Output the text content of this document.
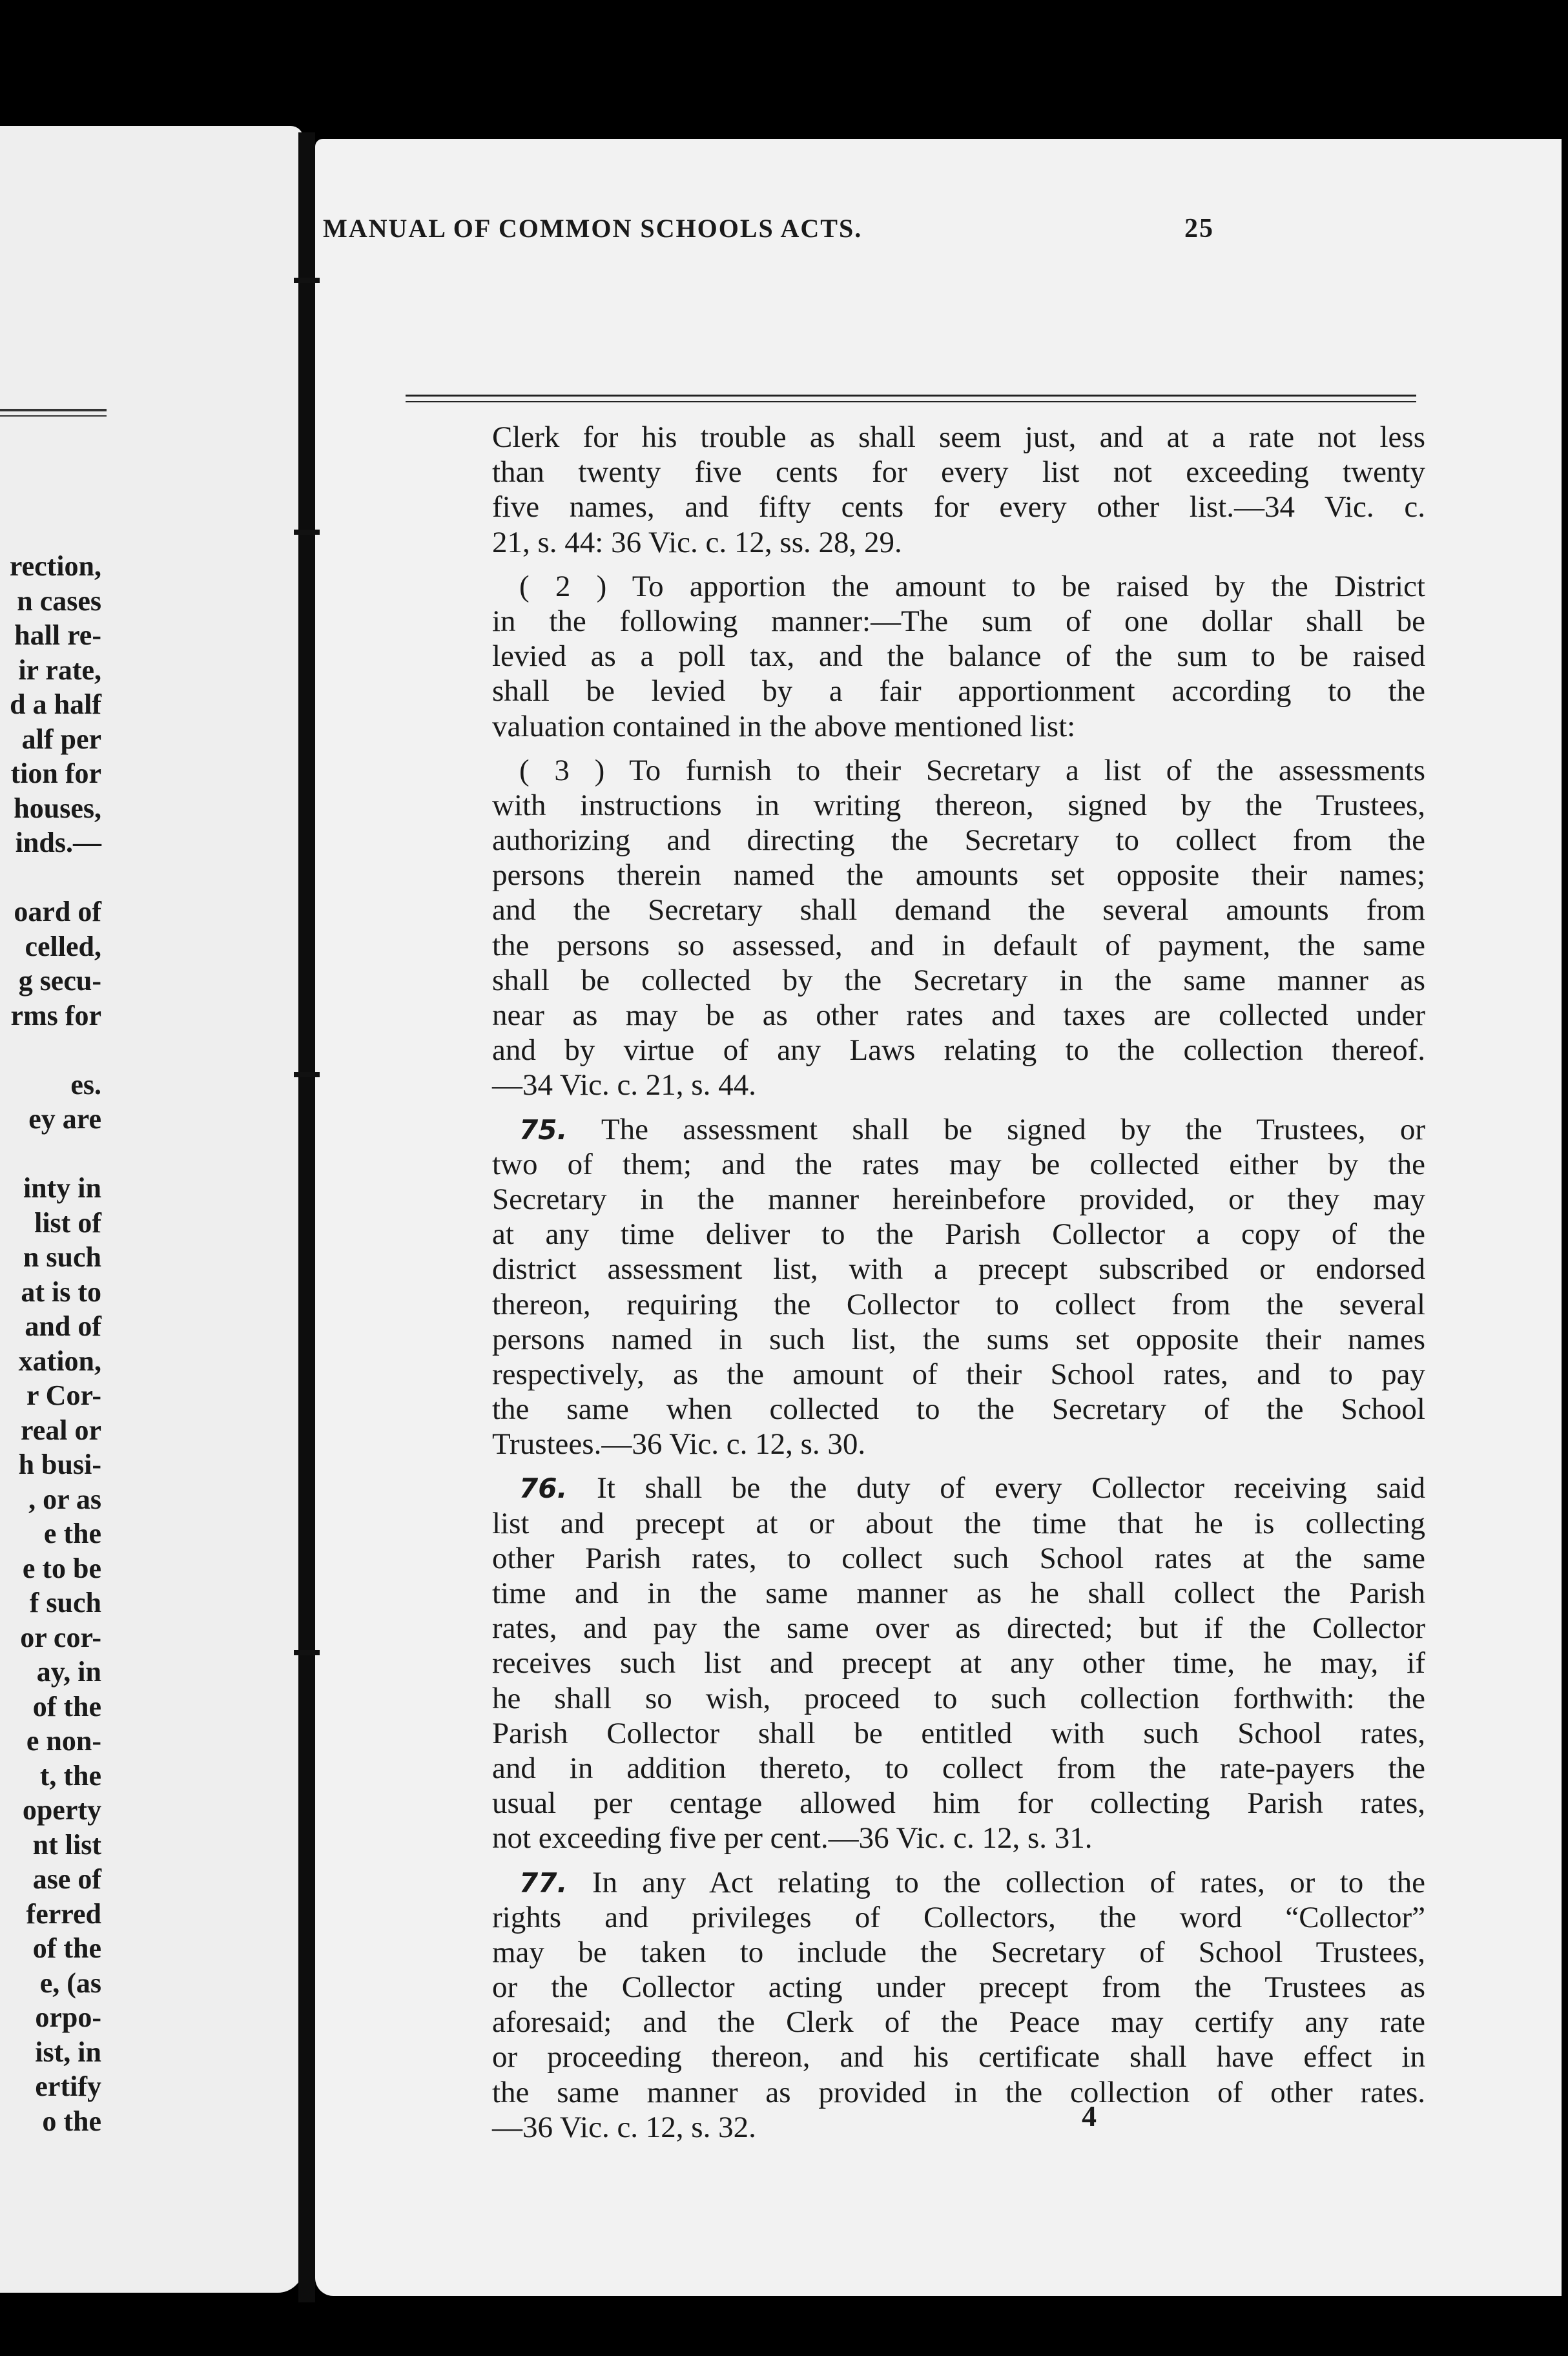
rection,
n cases
hall re-
ir rate,
d a half
alf per
tion for
houses,
inds.—
oard of
celled,
g secu-
rms for
es.
ey are
inty in
list of
n such
at is to
and of
xation,
r Cor-
real or
h busi-
, or as
e the
e to be
f such
or cor-
ay, in
of the
e non-
t, the
operty
nt list
ase of
ferred
of the
e, (as
orpo-
ist, in
ertify
o the
MANUAL OF COMMON SCHOOLS ACTS.	25
Clerk for his trouble as shall seem just, and at a rate not less
than twenty five cents for every list not exceeding twenty
five names, and fifty cents for every other list.—34 Vic. c.
21, s. 44: 36 Vic. c. 12, ss. 28, 29.
( 2 ) To apportion the amount to be raised by the District
in the following manner:—The sum of one dollar shall be
levied as a poll tax, and the balance of the sum to be raised
shall be levied by a fair apportionment according to the
valuation contained in the above mentioned list:
( 3 ) To furnish to their Secretary a list of the assessments
with instructions in writing thereon, signed by the Trustees,
authorizing and directing the Secretary to collect from the
persons therein named the amounts set opposite their names;
and the Secretary shall demand the several amounts from
the persons so assessed, and in default of payment, the same
shall be collected by the Secretary in the same manner as
near as may be as other rates and taxes are collected under
and by virtue of any Laws relating to the collection thereof.
—34 Vic. c. 21, s. 44.
75. The assessment shall be signed by the Trustees, or
two of them; and the rates may be collected either by the
Secretary in the manner hereinbefore provided, or they may
at any time deliver to the Parish Collector a copy of the
district assessment list, with a precept subscribed or endorsed
thereon, requiring the Collector to collect from the several
persons named in such list, the sums set opposite their names
respectively, as the amount of their School rates, and to pay
the same when collected to the Secretary of the School
Trustees.—36 Vic. c. 12, s. 30.
76. It shall be the duty of every Collector receiving said
list and precept at or about the time that he is collecting
other Parish rates, to collect such School rates at the same
time and in the same manner as he shall collect the Parish
rates, and pay the same over as directed; but if the Collector
receives such list and precept at any other time, he may, if
he shall so wish, proceed to such collection forthwith: the
Parish Collector shall be entitled with such School rates,
and in addition thereto, to collect from the rate-payers the
usual per centage allowed him for collecting Parish rates,
not exceeding five per cent.—36 Vic. c. 12, s. 31.
77. In any Act relating to the collection of rates, or to the
rights and privileges of Collectors, the word “Collector”
may be taken to include the Secretary of School Trustees,
or the Collector acting under precept from the Trustees as
aforesaid; and the Clerk of the Peace may certify any rate
or proceeding thereon, and his certificate shall have effect in
the same manner as provided in the collection of other rates.
—36 Vic. c. 12, s. 32.	4
